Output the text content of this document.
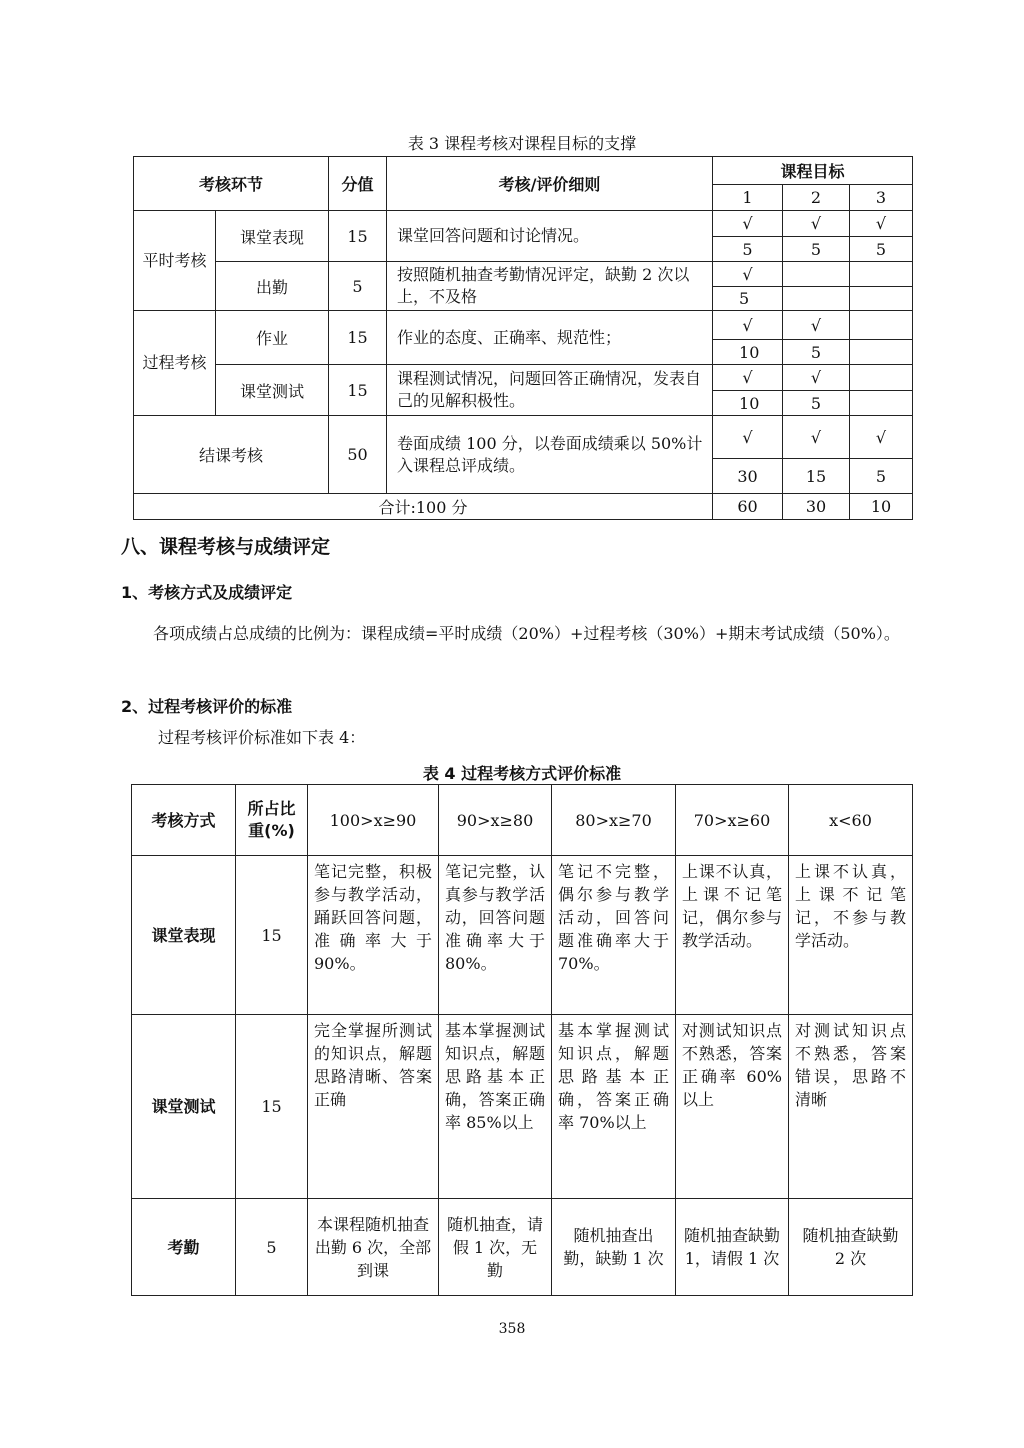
表 3 课程考核对课程目标的支撑
考核环节		分值	考核/评价细则	课程目标		
				1	2	3
平时考核	课堂表现	15	课堂回答问题和讨论情况。	√	√	√
				5	5	5
	出勤	5	按照随机抽查考勤情况评定，缺勤 2 次以上，不及格	√		
				5		
过程考核	作业	15	作业的态度、正确率、规范性；	√	√	
				10	5	
	课堂测试	15	课程测试情况，问题回答正确情况，发表自己的见解积极性。	√	√	
				10	5	
结课考核		50	卷面成绩 100 分，以卷面成绩乘以 50%计入课程总评成绩。	√	√	√
				30	15	5
合计:100 分				60	30	10
八、课程考核与成绩评定
1、考核方式及成绩评定
各项成绩占总成绩的比例为：课程成绩=平时成绩（20%）+过程考核（30%）+期末考试成绩（50%）。
2、过程考核评价的标准
过程考核评价标准如下表 4：
表 4 过程考核方式评价标准
考核方式	所占比重(%)	100>x≥90	90>x≥80	80>x≥70	70>x≥60	x<60
课堂表现	15	笔记完整，积极参与教学活动，踊跃回答问题，准确率大于 90%。	笔记完整，认真参与教学活动，回答问题准确率大于 80%。	笔记不完整，偶尔参与教学活动，回答问题准确率大于 70%。	上课不认真，上课不记笔记，偶尔参与教学活动。	上课不认真，上课不记笔记，不参与教学活动。
课堂测试	15	完全掌握所测试的知识点，解题思路清晰、答案正确	基本掌握测试知识点，解题思路基本正确，答案正确率 85%以上	基本掌握测试知识点，解题思路基本正确，答案正确率 70%以上	对测试知识点不熟悉，答案正确率 60%以上	对测试知识点不熟悉，答案错误，思路不清晰
考勤	5	本课程随机抽查出勤 6 次，全部到课	随机抽查，请假 1 次，无勤	随机抽查出勤，缺勤 1 次	随机抽查缺勤 1，请假 1 次	随机抽查缺勤 2 次
358
